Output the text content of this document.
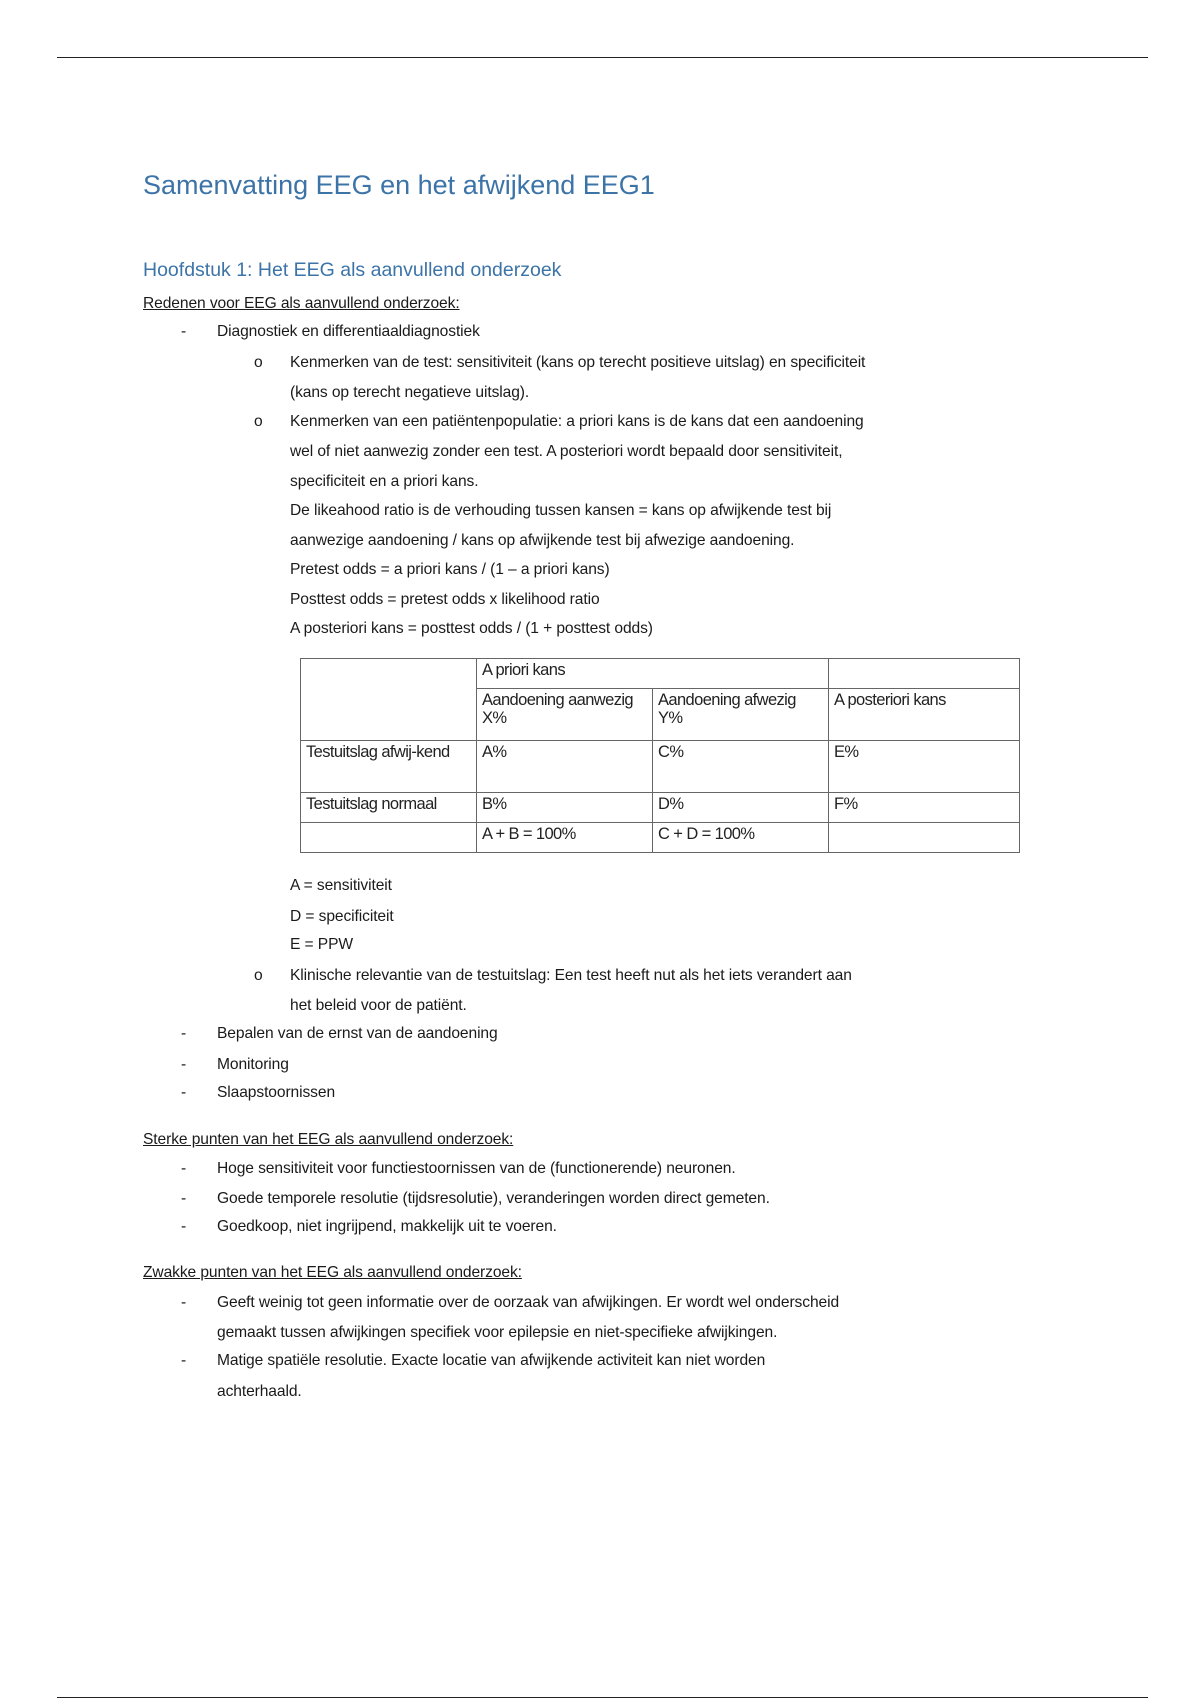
Samenvatting EEG en het afwijkend EEG1
Hoofdstuk 1: Het EEG als aanvullend onderzoek
Redenen voor EEG als aanvullend onderzoek:
- Diagnostiek en differentiaaldiagnostiek
o Kenmerken van de test: sensitiviteit (kans op terecht positieve uitslag) en specificiteit
(kans op terecht negatieve uitslag).
o Kenmerken van een patiëntenpopulatie: a priori kans is de kans dat een aandoening
wel of niet aanwezig zonder een test. A posteriori wordt bepaald door sensitiviteit,
specificiteit en a priori kans.
De likeahood ratio is de verhouding tussen kansen = kans op afwijkende test bij
aanwezige aandoening / kans op afwijkende test bij afwezige aandoening.
Pretest odds = a priori kans / (1 – a priori kans)
Posttest odds = pretest odds x likelihood ratio
A posteriori kans = posttest odds / (1 + posttest odds)
	A priori kans		
	Aandoening aanwezig X%	Aandoening afwezig Y%	A posteriori kans
Testuitslag afwij-kend	A%	C%	E%
Testuitslag normaal	B%	D%	F%
	A + B = 100%	C + D = 100%	
A = sensitiviteit
D = specificiteit
E = PPW
o Klinische relevantie van de testuitslag: Een test heeft nut als het iets verandert aan
het beleid voor de patiënt.
- Bepalen van de ernst van de aandoening
- Monitoring
- Slaapstoornissen
Sterke punten van het EEG als aanvullend onderzoek:
- Hoge sensitiviteit voor functiestoornissen van de (functionerende) neuronen.
- Goede temporele resolutie (tijdsresolutie), veranderingen worden direct gemeten.
- Goedkoop, niet ingrijpend, makkelijk uit te voeren.
Zwakke punten van het EEG als aanvullend onderzoek:
- Geeft weinig tot geen informatie over de oorzaak van afwijkingen. Er wordt wel onderscheid
gemaakt tussen afwijkingen specifiek voor epilepsie en niet-specifieke afwijkingen.
- Matige spatiële resolutie. Exacte locatie van afwijkende activiteit kan niet worden
achterhaald.
